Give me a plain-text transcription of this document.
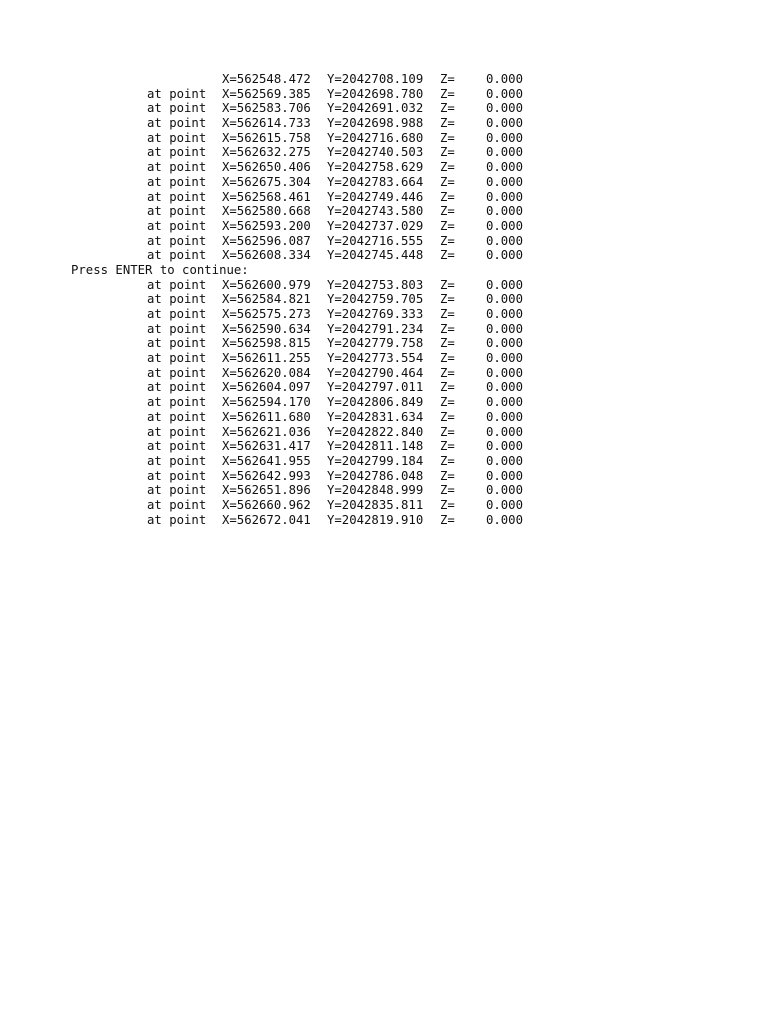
X=562548.472 Y=2042708.109 Z=	0.000
at point X=562569.385 Y=2042698.780 Z=	0.000
at point X=562583.706 Y=2042691.032 Z=	0.000
at point X=562614.733 Y=2042698.988 Z=	0.000
at point X=562615.758 Y=2042716.680 Z=	0.000
at point X=562632.275 Y=2042740.503 Z=	0.000
at point X=562650.406 Y=2042758.629 Z=	0.000
at point X=562675.304 Y=2042783.664 Z=	0.000
at point X=562568.461 Y=2042749.446 Z=	0.000
at point X=562580.668 Y=2042743.580 Z=	0.000
at point X=562593.200 Y=2042737.029 Z=	0.000
at point X=562596.087 Y=2042716.555 Z=	0.000
at point X=562608.334 Y=2042745.448 Z=	0.000
Press ENTER to continue:
at point X=562600.979 Y=2042753.803 Z=	0.000
at point X=562584.821 Y=2042759.705 Z=	0.000
at point X=562575.273 Y=2042769.333 Z=	0.000
at point X=562590.634 Y=2042791.234 Z=	0.000
at point X=562598.815 Y=2042779.758 Z=	0.000
at point X=562611.255 Y=2042773.554 Z=	0.000
at point X=562620.084 Y=2042790.464 Z=	0.000
at point X=562604.097 Y=2042797.011 Z=	0.000
at point X=562594.170 Y=2042806.849 Z=	0.000
at point X=562611.680 Y=2042831.634 Z=	0.000
at point X=562621.036 Y=2042822.840 Z=	0.000
at point X=562631.417 Y=2042811.148 Z=	0.000
at point X=562641.955 Y=2042799.184 Z=	0.000
at point X=562642.993 Y=2042786.048 Z=	0.000
at point X=562651.896 Y=2042848.999 Z=	0.000
at point X=562660.962 Y=2042835.811 Z=	0.000
at point X=562672.041 Y=2042819.910 Z=	0.000
